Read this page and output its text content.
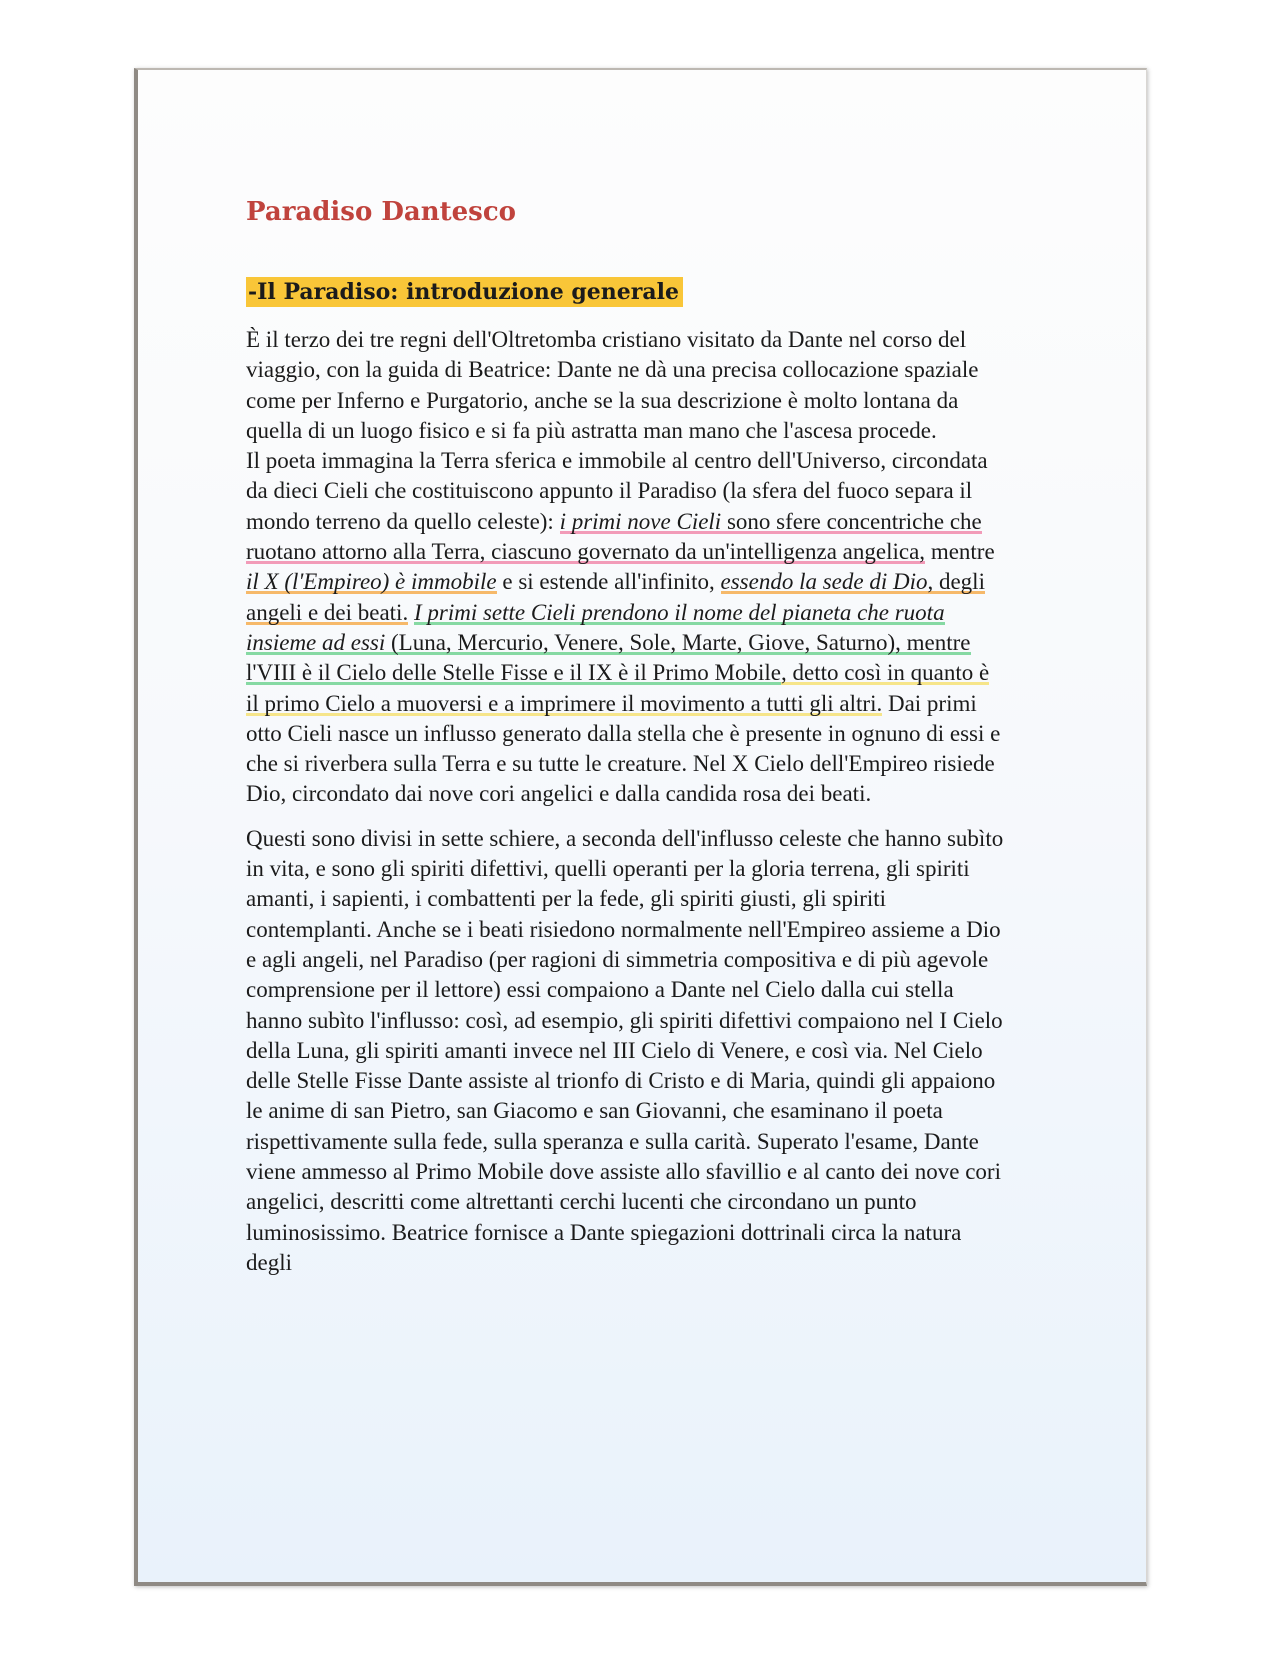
Paradiso Dantesco
-Il Paradiso: introduzione generale

È il terzo dei tre regni dell'Oltretomba cristiano visitato da Dante nel corso del viaggio, con la guida di Beatrice: Dante ne dà una precisa collocazione spaziale come per Inferno e Purgatorio, anche se la sua descrizione è molto lontana da quella di un luogo fisico e si fa più astratta man mano che l'ascesa procede.
Il poeta immagina la Terra sferica e immobile al centro dell'Universo, circondata da dieci Cieli che costituiscono appunto il Paradiso (la sfera del fuoco separa il mondo terreno da quello celeste): i primi nove Cieli sono sfere concentriche che ruotano attorno alla Terra, ciascuno governato da un'intelligenza angelica, mentre il X (l'Empireo) è immobile e si estende all'infinito, essendo la sede di Dio, degli angeli e dei beati. I primi sette Cieli prendono il nome del pianeta che ruota insieme ad essi (Luna, Mercurio, Venere, Sole, Marte, Giove, Saturno), mentre l'VIII è il Cielo delle Stelle Fisse e il IX è il Primo Mobile, detto così in quanto è il primo Cielo a muoversi e a imprimere il movimento a tutti gli altri. Dai primi otto Cieli nasce un influsso generato dalla stella che è presente in ognuno di essi e che si riverbera sulla Terra e su tutte le creature. Nel X Cielo dell'Empireo risiede Dio, circondato dai nove cori angelici e dalla candida rosa dei beati.

Questi sono divisi in sette schiere, a seconda dell'influsso celeste che hanno subìto in vita, e sono gli spiriti difettivi, quelli operanti per la gloria terrena, gli spiriti amanti, i sapienti, i combattenti per la fede, gli spiriti giusti, gli spiriti contemplanti. Anche se i beati risiedono normalmente nell'Empireo assieme a Dio e agli angeli, nel Paradiso (per ragioni di simmetria compositiva e di più agevole comprensione per il lettore) essi compaiono a Dante nel Cielo dalla cui stella hanno subìto l'influsso: così, ad esempio, gli spiriti difettivi compaiono nel I Cielo della Luna, gli spiriti amanti invece nel III Cielo di Venere, e così via. Nel Cielo delle Stelle Fisse Dante assiste al trionfo di Cristo e di Maria, quindi gli appaiono le anime di san Pietro, san Giacomo e san Giovanni, che esaminano il poeta rispettivamente sulla fede, sulla speranza e sulla carità. Superato l'esame, Dante viene ammesso al Primo Mobile dove assiste allo sfavillio e al canto dei nove cori angelici, descritti come altrettanti cerchi lucenti che circondano un punto luminosissimo. Beatrice fornisce a Dante spiegazioni dottrinali circa la natura degli
